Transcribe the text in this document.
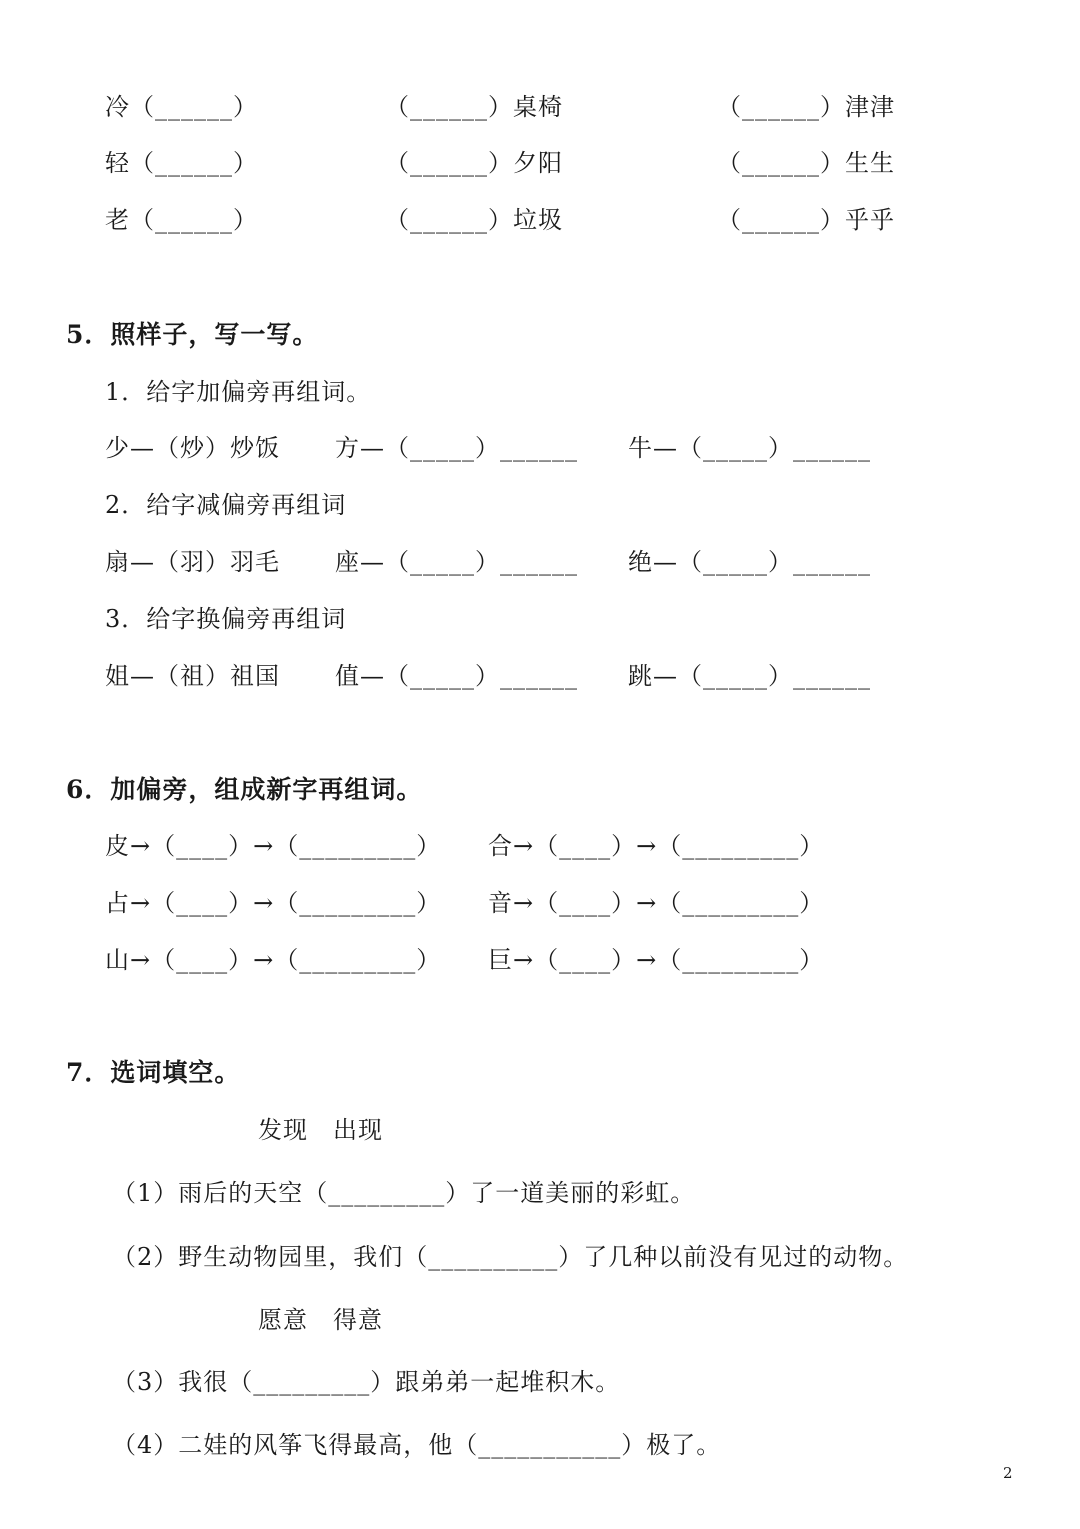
冷（______）	（______）桌椅	（______）津津
轻（______）	（______）夕阳	（______）生生
老（______）	（______）垃圾	（______）乎乎
5．照样子，写一写。
1．给字加偏旁再组词。
少—（炒）炒饭 方—（_____）______ 牛—（_____）______
2．给字减偏旁再组词
扇—（羽）羽毛 座—（_____）______ 绝—（_____）______
3．给字换偏旁再组词
姐—（祖）祖国 值—（_____）______ 跳—（_____）______
6．加偏旁，组成新字再组词。
皮→（____）→（_________） 合→（____）→（_________）
占→（____）→（_________） 音→（____）→（_________）
山→（____）→（_________） 巨→（____）→（_________）
7．选词填空。
发现　出现
（1）雨后的天空（_________）了一道美丽的彩虹。
（2）野生动物园里，我们（__________）了几种以前没有见过的动物。
愿意　得意
（3）我很（_________）跟弟弟一起堆积木。
（4）二娃的风筝飞得最高，他（___________）极了。
2
